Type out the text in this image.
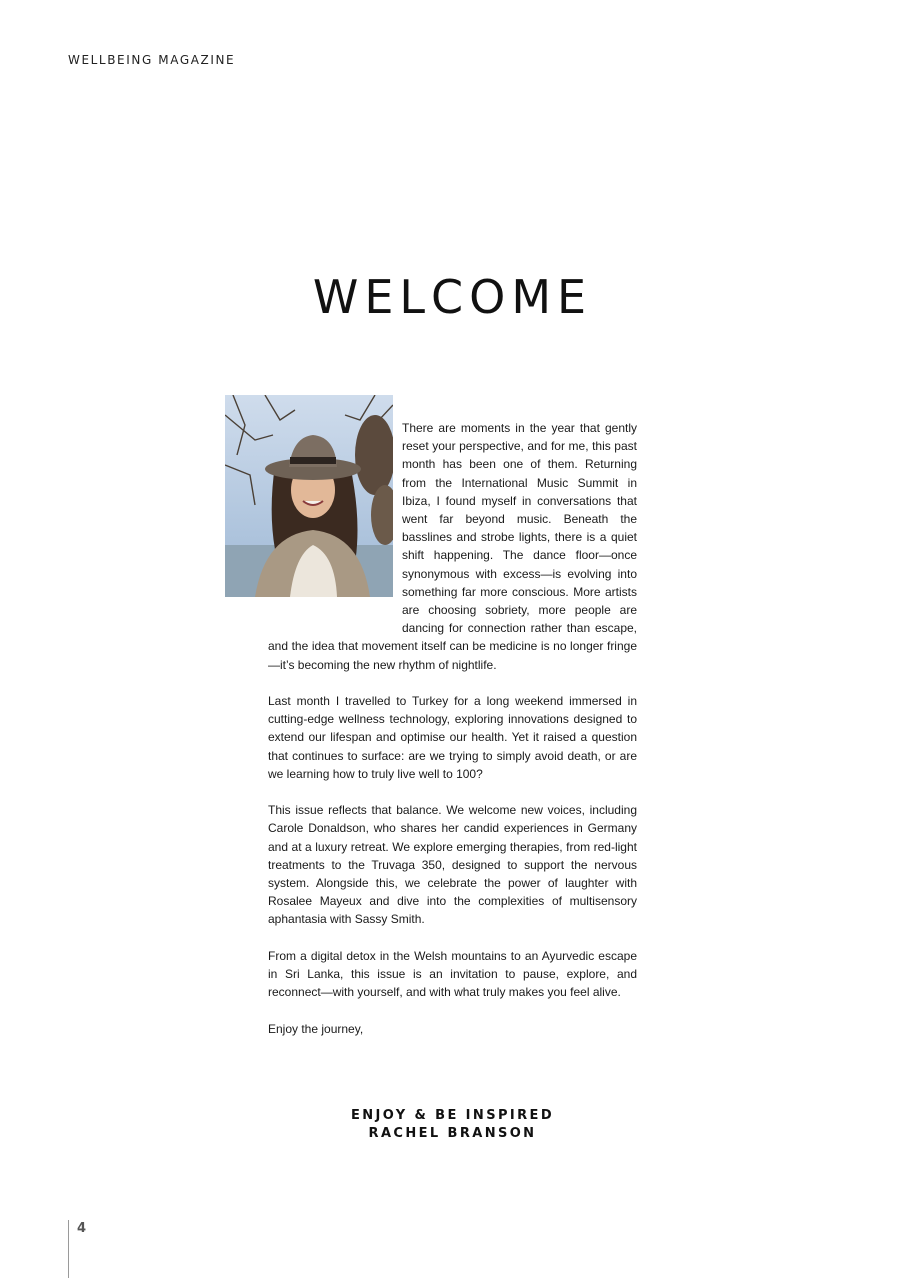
WELLBEING MAGAZINE
WELCOME

There are moments in the year that gently reset your perspective, and for me, this past month has been one of them. Returning from the International Music Summit in Ibiza, I found myself in conversations that went far beyond music. Beneath the basslines and strobe lights, there is a quiet shift happening. The dance floor—once synonymous with excess—is evolving into something far more conscious. More artists are choosing sobriety, more people are dancing for connection rather than escape, and the idea that movement itself can be medicine is no longer fringe—it’s becoming the new rhythm of nightlife.

Last month I travelled to Turkey for a long weekend immersed in cutting-edge wellness technology, exploring innovations designed to extend our lifespan and optimise our health. Yet it raised a question that continues to surface: are we trying to simply avoid death, or are we learning how to truly live well to 100?

This issue reflects that balance. We welcome new voices, including Carole Donaldson, who shares her candid experiences in Germany and at a luxury retreat. We explore emerging therapies, from red-light treatments to the Truvaga 350, designed to support the nervous system. Alongside this, we celebrate the power of laughter with Rosalee Mayeux and dive into the complexities of multisensory aphantasia with Sassy Smith.

From a digital detox in the Welsh mountains to an Ayurvedic escape in Sri Lanka, this issue is an invitation to pause, explore, and reconnect—with yourself, and with what truly makes you feel alive.

Enjoy the journey,

ENJOY & BE INSPIRED
RACHEL BRANSON
4
